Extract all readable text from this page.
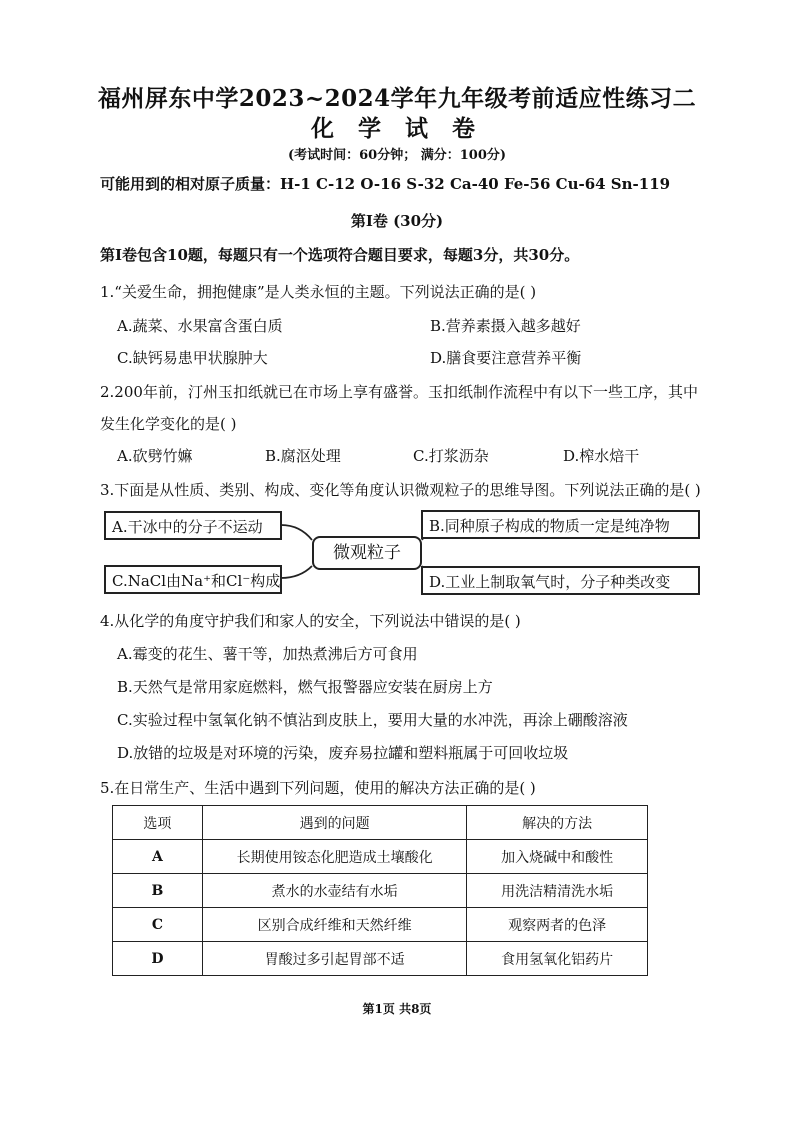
福州屏东中学2023~2024学年九年级考前适应性练习二
化 学 试 卷
(考试时间：60分钟； 满分：100分)
可能用到的相对原子质量：H-1 C-12 O-16 S-32 Ca-40 Fe-56 Cu-64 Sn-119
第Ⅰ卷 (30分)
第Ⅰ卷包含10题，每题只有一个选项符合题目要求，每题3分，共30分。
1.“关爱生命，拥抱健康”是人类永恒的主题。下列说法正确的是( )
A.蔬菜、水果富含蛋白质	B.营养素摄入越多越好
C.缺钙易患甲状腺肿大	D.膳食要注意营养平衡
2.200年前，汀州玉扣纸就已在市场上享有盛誉。玉扣纸制作流程中有以下一些工序，其中
发生化学变化的是( )
A.砍劈竹嫲	B.腐沤处理	C.打浆沥杂	D.榨水焙干
3.下面是从性质、类别、构成、变化等角度认识微观粒子的思维导图。下列说法正确的是( )
A.干冰中的分子不运动	B.同种原子构成的物质一定是纯净物
C.NaCl由Na⁺和Cl⁻构成	D.工业上制取氧气时，分子种类改变
微观粒子
4.从化学的角度守护我们和家人的安全，下列说法中错误的是( )
A.霉变的花生、薯干等，加热煮沸后方可食用
B.天然气是常用家庭燃料，燃气报警器应安装在厨房上方
C.实验过程中氢氧化钠不慎沾到皮肤上，要用大量的水冲洗，再涂上硼酸溶液
D.放错的垃圾是对环境的污染，废弃易拉罐和塑料瓶属于可回收垃圾
5.在日常生产、生活中遇到下列问题，使用的解决方法正确的是( )
选项	遇到的问题	解决的方法
A	长期使用铵态化肥造成土壤酸化	加入烧碱中和酸性
B	煮水的水壶结有水垢	用洗洁精清洗水垢
C	区别合成纤维和天然纤维	观察两者的色泽
D	胃酸过多引起胃部不适	食用氢氧化铝药片
第1页 共8页
